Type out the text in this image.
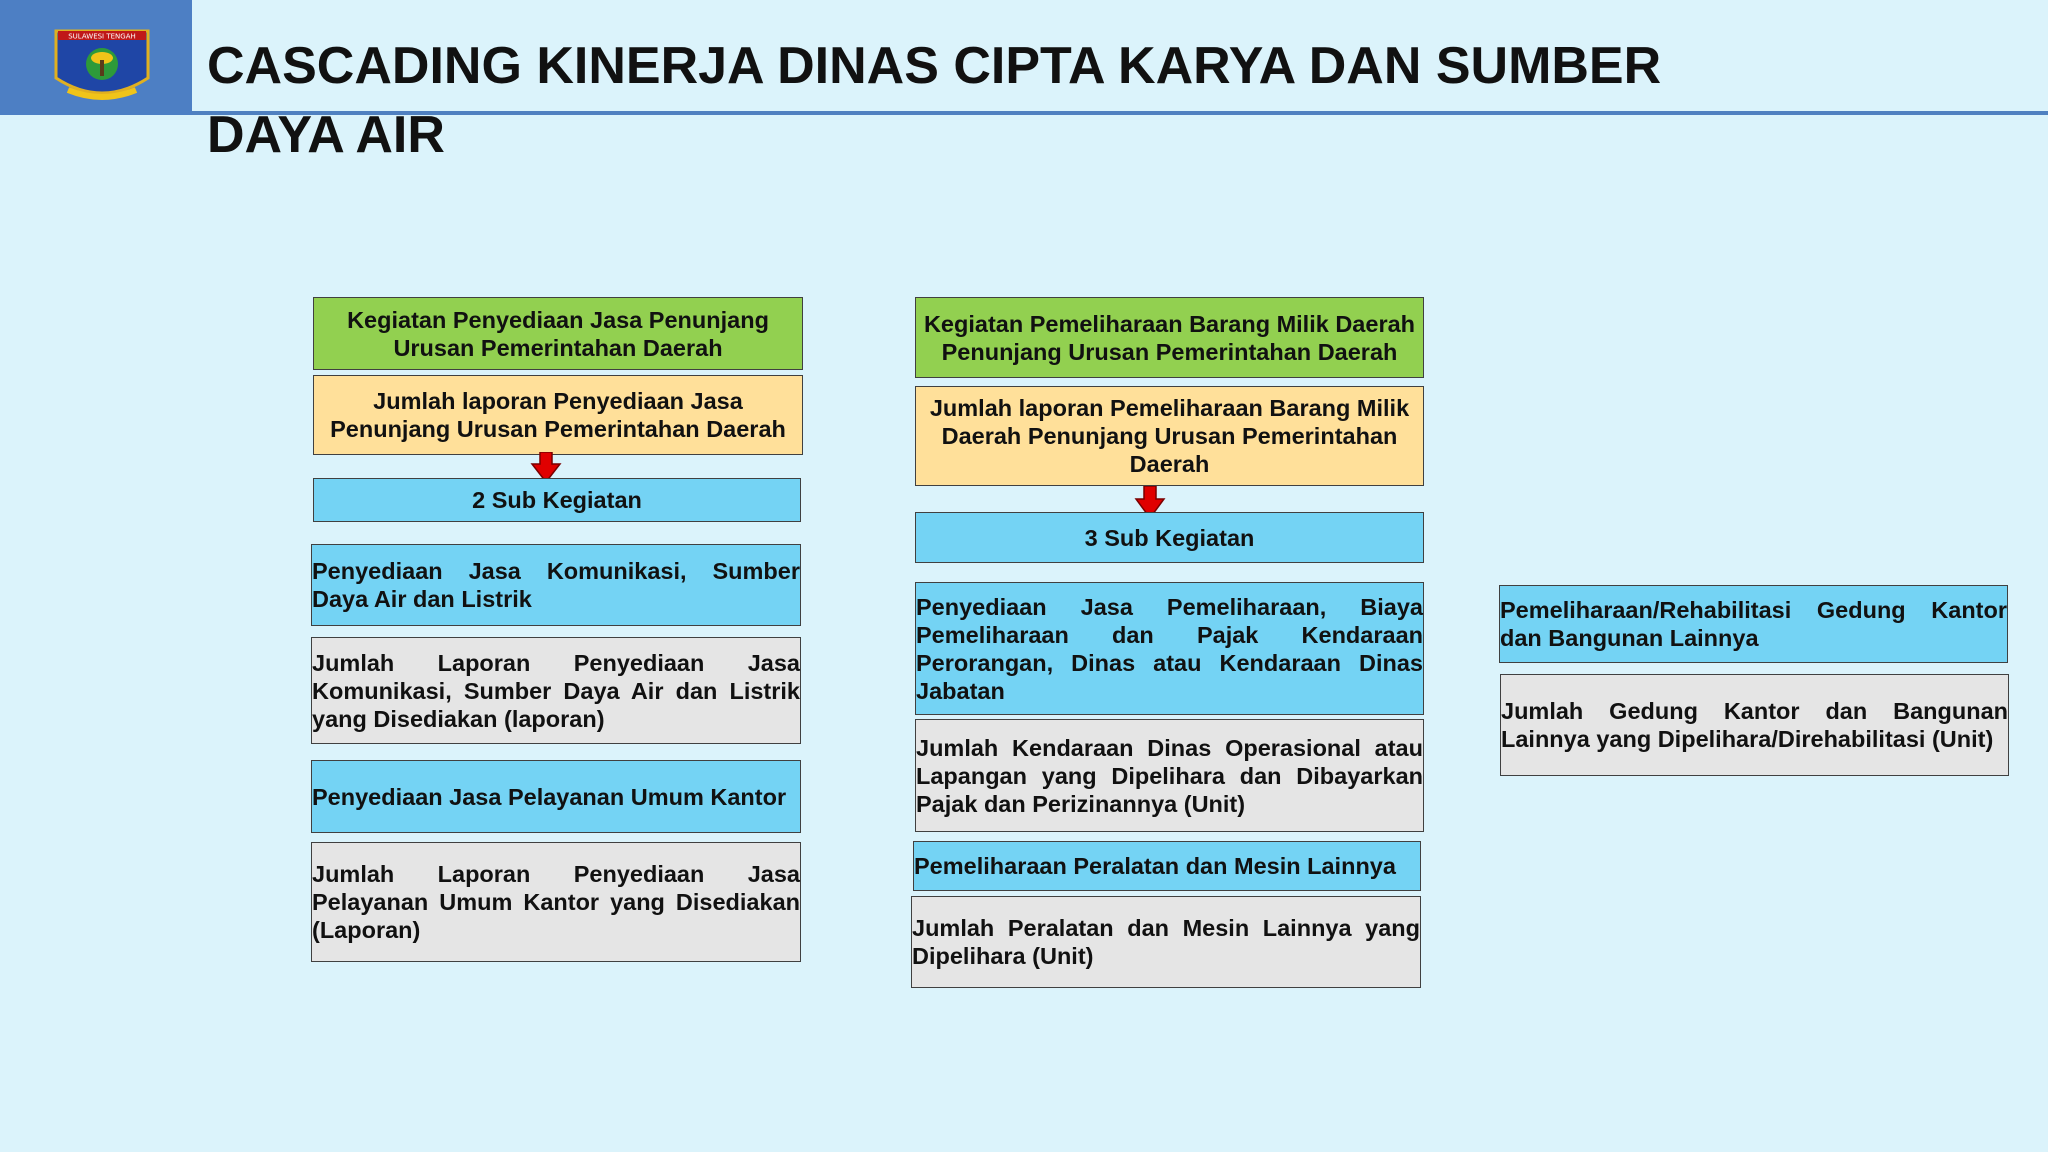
SULAWESI TENGAH
CASCADING KINERJA DINAS CIPTA KARYA DAN SUMBER DAYA AIR
Kegiatan Penyediaan Jasa Penunjang Urusan Pemerintahan Daerah
Jumlah laporan Penyediaan Jasa Penunjang Urusan Pemerintahan Daerah
2 Sub Kegiatan
Penyediaan Jasa Komunikasi, Sumber Daya Air dan Listrik
Jumlah Laporan Penyediaan Jasa Komunikasi, Sumber Daya Air dan Listrik yang Disediakan (laporan)
Penyediaan Jasa Pelayanan Umum Kantor
Jumlah Laporan Penyediaan Jasa Pelayanan Umum Kantor yang Disediakan (Laporan)
Kegiatan Pemeliharaan Barang Milik Daerah Penunjang Urusan Pemerintahan Daerah
Jumlah laporan Pemeliharaan Barang Milik Daerah Penunjang Urusan Pemerintahan Daerah
3 Sub Kegiatan
Penyediaan Jasa Pemeliharaan, Biaya Pemeliharaan dan Pajak Kendaraan Perorangan, Dinas atau Kendaraan Dinas Jabatan
Jumlah Kendaraan Dinas Operasional atau Lapangan yang Dipelihara dan Dibayarkan Pajak dan Perizinannya (Unit)
Pemeliharaan Peralatan dan Mesin Lainnya
Jumlah Peralatan dan Mesin Lainnya yang Dipelihara (Unit)
Pemeliharaan/Rehabilitasi Gedung Kantor dan Bangunan Lainnya
Jumlah Gedung Kantor dan Bangunan Lainnya yang Dipelihara/Direhabilitasi (Unit)
